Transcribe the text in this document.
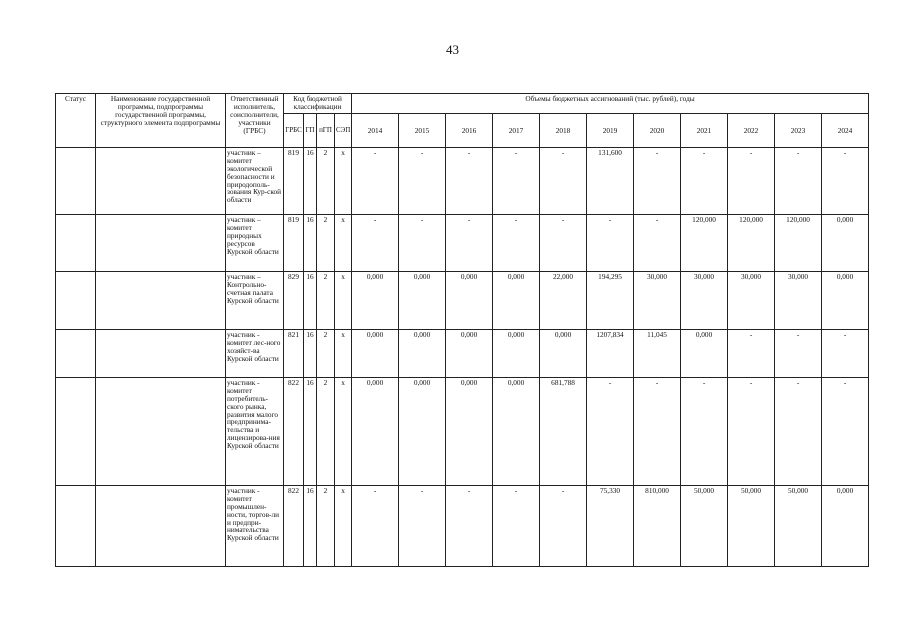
43
Статус	Наименование государственной программы, подпрограммы государственной программы, структурного элемента подпрограммы	Ответственный исполнитель, соисполнители, участники (ГРБС)	Код бюджетной классификации				Объемы бюджетных ассигнований (тыс. рублей), годы										
			ГРБС	ГП	пГП	СЭП	2014	2015	2016	2017	2018	2019	2020	2021	2022	2023	2024
		участник – комитет экологической безопасности и природополь-зования Кур-ской области	819	16	2	х	-	-	-	-	-	131,600	-	-	-	-	-
		участник – комитет природных ресурсов Курской области	819	16	2	х	-	-	-	-	-	-	-	120,000	120,000	120,000	0,000
		участник – Контрольно-счетная палата Курской области	829	16	2	х	0,000	0,000	0,000	0,000	22,000	194,295	30,000	30,000	30,000	30,000	0,000
		участник - комитет лес-ного хозяйст-ва Курской области	821	16	2	х	0,000	0,000	0,000	0,000	0,000	1207,834	11,045	0,000	-	-	-
		участник - комитет потребитель-ского рынка, развития малого предпринима-тельства и лицензирова-ния Курской области	822	16	2	х	0,000	0,000	0,000	0,000	681,788	-	-	-	-	-	-
		участник - комитет промышлен-ности, торгов-ли и предпри-нимательства Курской области	822	16	2	х	-	-	-	-	-	75,330	810,000	50,000	50,000	50,000	0,000
